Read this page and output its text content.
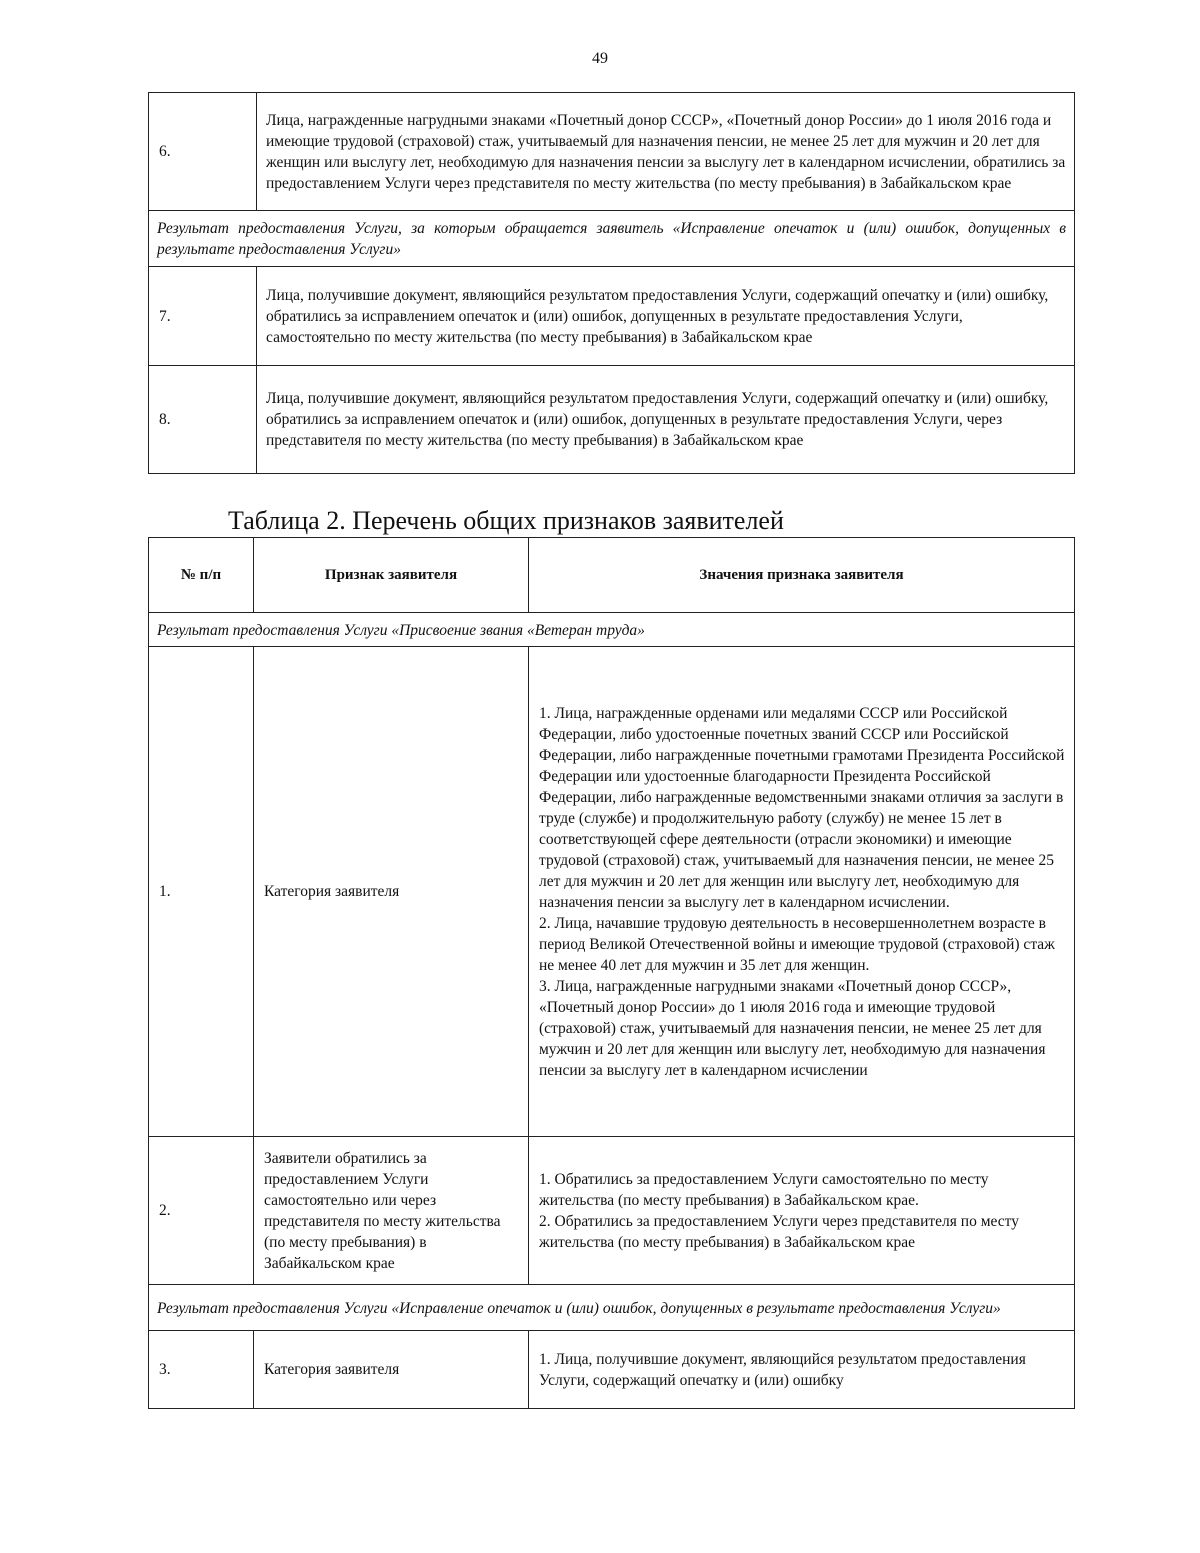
49
6.	Лица, награжденные нагрудными знаками «Почетный донор СССР», «Почетный донор России» до 1 июля 2016 года и имеющие трудовой (страховой) стаж, учитываемый для назначения пенсии, не менее 25 лет для мужчин и 20 лет для женщин или выслугу лет, необходимую для назначения пенсии за выслугу лет в календарном исчислении, обратились за предоставлением Услуги через представителя по месту жительства (по месту пребывания) в Забайкальском крае
Результат предоставления Услуги, за которым обращается заявитель «Исправление опечаток и (или) ошибок, допущенных в результате предоставления Услуги»	
7.	Лица, получившие документ, являющийся результатом предоставления Услуги, содержащий опечатку и (или) ошибку, обратились за исправлением опечаток и (или) ошибок, допущенных в результате предоставления Услуги, самостоятельно по месту жительства (по месту пребывания) в Забайкальском крае
8.	Лица, получившие документ, являющийся результатом предоставления Услуги, содержащий опечатку и (или) ошибку, обратились за исправлением опечаток и (или) ошибок, допущенных в результате предоставления Услуги, через представителя по месту жительства (по месту пребывания) в Забайкальском крае
Таблица 2. Перечень общих признаков заявителей
№ п/п	Признак заявителя	Значения признака заявителя
Результат предоставления Услуги «Присвоение звания «Ветеран труда»		
1.	Категория заявителя	1. Лица, награжденные орденами или медалями СССР или Российской Федерации, либо удостоенные почетных званий СССР или Российской Федерации, либо награжденные почетными грамотами Президента Российской Федерации или удостоенные благодарности Президента Российской Федерации, либо награжденные ведомственными знаками отличия за заслуги в труде (службе) и продолжительную работу (службу) не менее 15 лет в соответствующей сфере деятельности (отрасли экономики) и имеющие трудовой (страховой) стаж, учитываемый для назначения пенсии, не менее 25 лет для мужчин и 20 лет для женщин или выслугу лет, необходимую для назначения пенсии за выслугу лет в календарном исчислении.
2. Лица, начавшие трудовую деятельность в несовершеннолетнем возрасте в период Великой Отечественной войны и имеющие трудовой (страховой) стаж не менее 40 лет для мужчин и 35 лет для женщин.
3. Лица, награжденные нагрудными знаками «Почетный донор СССР», «Почетный донор России» до 1 июля 2016 года и имеющие трудовой (страховой) стаж, учитываемый для назначения пенсии, не менее 25 лет для мужчин и 20 лет для женщин или выслугу лет, необходимую для назначения пенсии за выслугу лет в календарном исчислении

2.	Заявители обратились за предоставлением Услуги самостоятельно или через представителя по месту жительства (по месту пребывания) в Забайкальском крае	1. Обратились за предоставлением Услуги самостоятельно по месту жительства (по месту пребывания) в Забайкальском крае.
2. Обратились за предоставлением Услуги через представителя по месту жительства (по месту пребывания) в Забайкальском крае

Результат предоставления Услуги «Исправление опечаток и (или) ошибок, допущенных в результате предоставления Услуги»		
3.	Категория заявителя	1. Лица, получившие документ, являющийся результатом предоставления Услуги, содержащий опечатку и (или) ошибку
